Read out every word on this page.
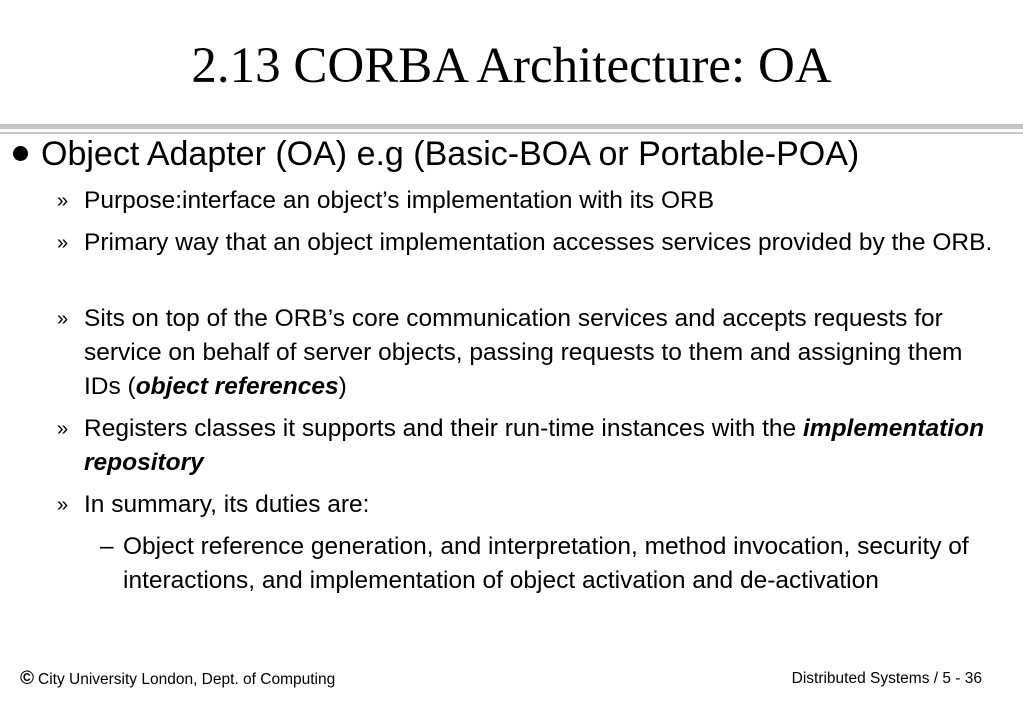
2.13 CORBA Architecture: OA
Object Adapter (OA) e.g (Basic-BOA or Portable-POA)
» Purpose:interface an object’s implementation with its ORB
» Primary way that an object implementation accesses services provided by the ORB.
» Sits on top of the ORB’s core communication services and accepts requests for service on behalf of server objects, passing requests to them and assigning them IDs (object references)
» Registers classes it supports and their run-time instances with the implementation repository
» In summary, its duties are:
– Object reference generation, and interpretation, method invocation, security of interactions, and implementation of object activation and de-activation
© City University London, Dept. of Computing	Distributed Systems / 5 - 36
